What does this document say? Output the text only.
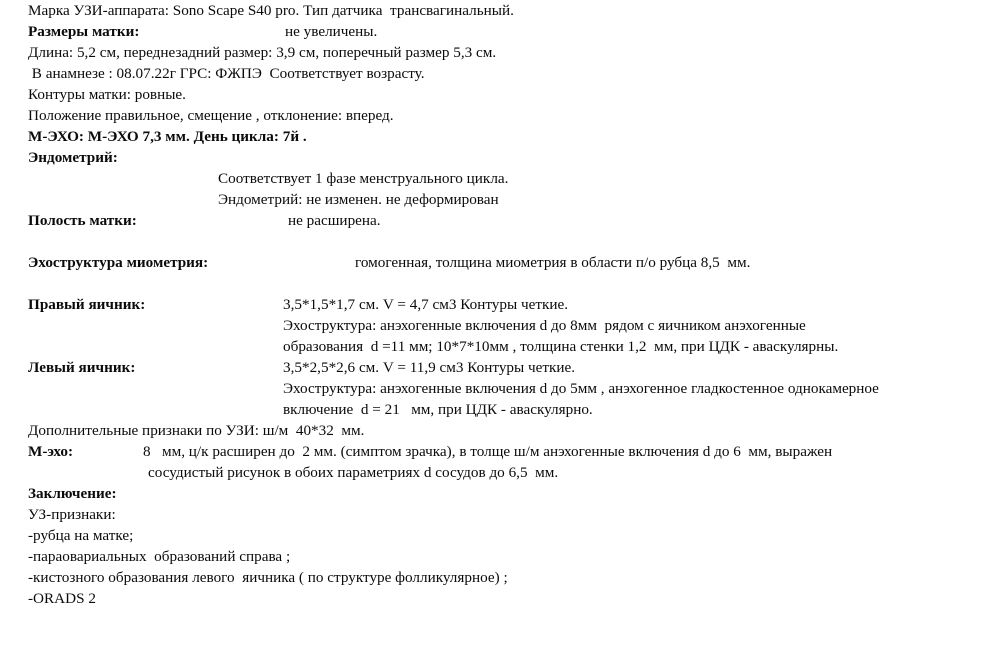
Марка УЗИ-аппарата: Sono Scape S40 pro. Тип датчика  трансвагинальный.

Размеры матки:

	не увеличены.

Длина: 5,2 см, переднезадний размер: 3,9 см, поперечный размер 5,3 см.

В анамнезе : 08.07.22г ГРС: ФЖПЭ  Соответствует возрасту.

Контуры матки: ровные.

Положение правильное, смещение , отклонение: вперед.

М-ЭХО: М-ЭХО 7,3 мм. День цикла: 7й .

Эндометрий:

Соответствует 1 фазе менструального цикла.

Эндометрий: не изменен. не деформирован

Полость матки:

	не расширена.

Эхоструктура миометрия:

	гомогенная, толщина миометрия в области п/о рубца 8,5  мм.

Правый яичник:

	3,5*1,5*1,7 см. V = 4,7 см3 Контуры четкие.

Эхоструктура: анэхогенные включения d до 8мм  рядом с яичником анэхогенные

образования  d =11 мм; 10*7*10мм , толщина стенки 1,2  мм, при ЦДК - аваскулярны.

Левый яичник:

	3,5*2,5*2,6 см. V = 11,9 см3 Контуры четкие.

Эхоструктура: анэхогенные включения d до 5мм , анэхогенное гладкостенное однокамерное

включение  d = 21   мм, при ЦДК - аваскулярно.

Дополнительные признаки по УЗИ: ш/м  40*32  мм.

М-эхо:

	8   мм, ц/к расширен до  2 мм. (симптом зрачка), в толще ш/м анэхогенные включения d до 6  мм, выражен

сосудистый рисунок в обоих параметриях d сосудов до 6,5  мм.

Заключение:

УЗ-признаки:

-рубца на матке;

-параовариальных  образований справа ;

-кистозного образования левого  яичника ( по структуре фолликулярное) ;

-ORADS 2
